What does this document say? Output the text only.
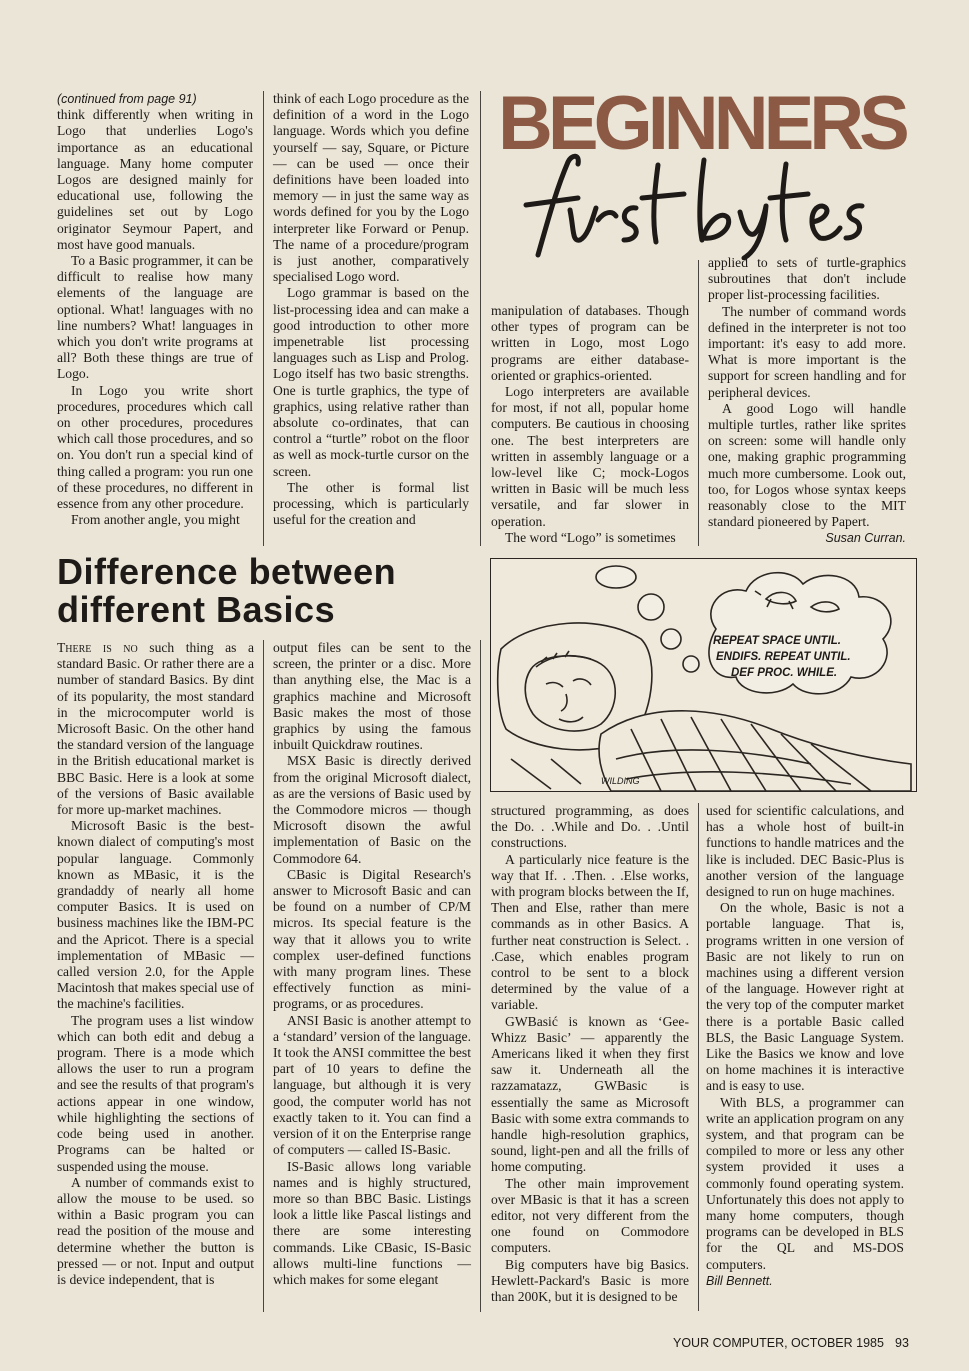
(continued from page 91)

think differently when writing in Logo that underlies Logo's importance as an educational language. Many home computer Logos are designed mainly for educational use, following the guidelines set out by Logo originator Seymour Papert, and most have good manuals.

To a Basic programmer, it can be difficult to realise how many elements of the language are optional. What! languages with no line numbers? What! languages in which you don't write programs at all? Both these things are true of Logo.

In Logo you write short procedures, procedures which call on other procedures, procedures which call those procedures, and so on. You don't run a special kind of thing called a program: you run one of these procedures, no different in essence from any other procedure.

From another angle, you might

think of each Logo procedure as the definition of a word in the Logo language. Words which you define yourself — say, Square, or Picture — can be used — once their definitions have been loaded into memory — in just the same way as words defined for you by the Logo interpreter like Forward or Penup. The name of a procedure/program is just another, comparatively specialised Logo word.

Logo grammar is based on the list-processing idea and can make a good introduction to other more impenetrable list processing languages such as Lisp and Prolog. Logo itself has two basic strengths. One is turtle graphics, the type of graphics, using relative rather than absolute co-ordinates, that can control a “turtle” robot on the floor as well as mock-turtle cursor on the screen.

The other is formal list processing, which is particularly useful for the creation and

BEGINNERS

manipulation of databases. Though other types of program can be written in Logo, most Logo programs are either database-oriented or graphics-oriented.

Logo interpreters are available for most, if not all, popular home computers. Be cautious in choosing one. The best interpreters are written in assembly language or a low-level like C; mock-Logos written in Basic will be much less versatile, and far slower in operation.

The word “Logo” is sometimes

applied to sets of turtle-graphics subroutines that don't include proper list-processing facilities.

The number of command words defined in the interpreter is not too important: it's easy to add more. What is more important is the support for screen handling and for peripheral devices.

A good Logo will handle multiple turtles, rather like sprites on screen: some will handle only one, making graphic programming much more cumbersome. Look out, too, for Logos whose syntax keeps reasonably close to the MIT standard pioneered by Papert.

Susan Curran.
Difference between
different Basics
REPEAT SPACE UNTIL.
ENDIFS. REPEAT UNTIL.
DEF PROC. WHILE.
WILDING

There is no such thing as a standard Basic. Or rather there are a number of standard Basics. By dint of its popularity, the most standard in the microcomputer world is Microsoft Basic. On the other hand the standard version of the language in the British educational market is BBC Basic. Here is a look at some of the versions of Basic available for more up-market machines.

Microsoft Basic is the best-known dialect of computing's most popular language. Commonly known as MBasic, it is the grandaddy of nearly all home computer Basics. It is used on business machines like the IBM-PC and the Apricot. There is a special implementation of MBasic — called version 2.0, for the Apple Macintosh that makes special use of the machine's facilities.

The program uses a list window which can both edit and debug a program. There is a mode which allows the user to run a program and see the results of that program's actions appear in one window, while highlighting the sections of code being used in another. Programs can be halted or suspended using the mouse.

A number of commands exist to allow the mouse to be used. so within a Basic program you can read the position of the mouse and determine whether the button is pressed — or not. Input and output is device independent, that is

output files can be sent to the screen, the printer or a disc. More than anything else, the Mac is a graphics machine and Microsoft Basic makes the most of those graphics by using the famous inbuilt Quickdraw routines.

MSX Basic is directly derived from the original Microsoft dialect, as are the versions of Basic used by the Commodore micros — though Microsoft disown the awful implementation of Basic on the Commodore 64.

CBasic is Digital Research's answer to Microsoft Basic and can be found on a number of CP/M micros. Its special feature is the way that it allows you to write complex user-defined functions with many program lines. These effectively function as mini-programs, or as procedures.

ANSI Basic is another attempt to a ‘standard’ version of the language. It took the ANSI committee the best part of 10 years to define the language, but although it is very good, the computer world has not exactly taken to it. You can find a version of it on the Enterprise range of computers — called IS-Basic.

IS-Basic allows long variable names and is highly structured, more so than BBC Basic. Listings look a little like Pascal listings and there are some interesting commands. Like CBasic, IS-Basic allows multi-line functions — which makes for some elegant

structured programming, as does the Do. . .While and Do. . .Until constructions.

A particularly nice feature is the way that If. . .Then. . .Else works, with program blocks between the If, Then and Else, rather than mere commands as in other Basics. A further neat construction is Select. . .Case, which enables program control to be sent to a block determined by the value of a variable.

GWBasić is known as ‘Gee-Whizz Basic’ — apparently the Americans liked it when they first saw it. Underneath all the razzamatazz, GWBasic is essentially the same as Microsoft Basic with some extra commands to handle high-resolution graphics, sound, light-pen and all the frills of home computing.

The other main improvement over MBasic is that it has a screen editor, not very different from the one found on Commodore computers.

Big computers have big Basics. Hewlett-Packard's Basic is more than 200K, but it is designed to be

used for scientific calculations, and has a whole host of built-in functions to handle matrices and the like is included. DEC Basic-Plus is another version of the language designed to run on huge machines.

On the whole, Basic is not a portable language. That is, programs written in one version of Basic are not likely to run on machines using a different version of the language. However right at the very top of the computer market there is a portable Basic called BLS, the Basic Language System. Like the Basics we know and love on home machines it is interactive and is easy to use.

With BLS, a programmer can write an application program on any system, and that program can be compiled to more or less any other system provided it uses a commonly found operating system. Unfortunately this does not apply to many home computers, though programs can be developed in BLS for the QL and MS-DOS computers.

Bill Bennett.
YOUR COMPUTER, OCTOBER 1985 93
